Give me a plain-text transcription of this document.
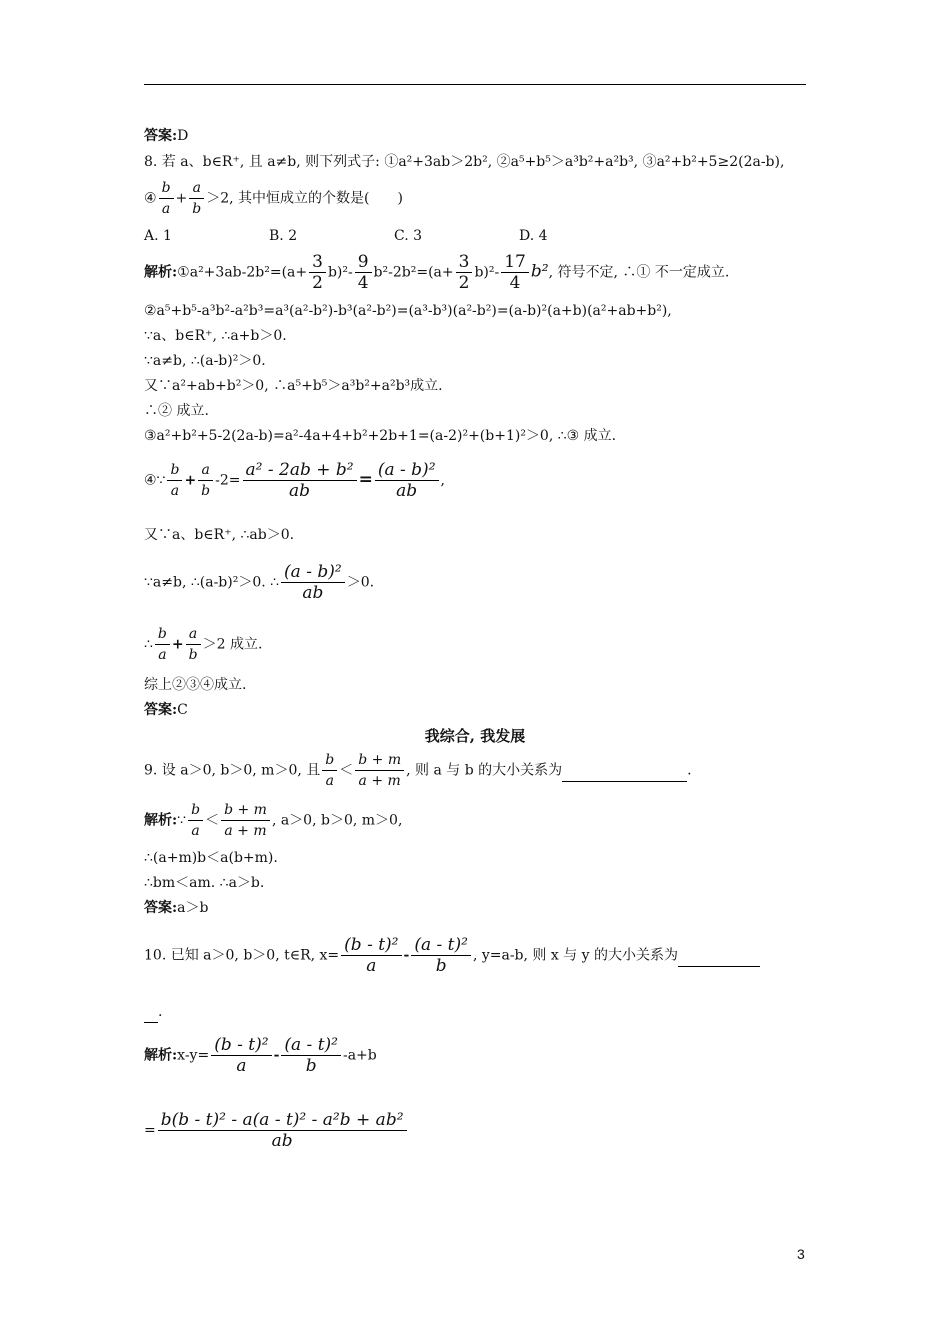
答案:D
8. 若 a、b∈R⁺, 且 a≠b, 则下列式子: ①a²+3ab＞2b², ②a⁵+b⁵＞a³b²+a²b³, ③a²+b²+5≥2(2a-b),
④ $\frac{b}{a} + \frac{a}{b} >2$, 其中恒成立的个数是(　　)
A. 1	B. 2	C. 3	D. 4
解析:①a²+3ab-2b²=(a+ $\frac{3}{2} b)^2- \frac{9}{4} b^2-2b^2=(a+ \frac{3}{2} b)^2- \frac{17}{4} b^2$, 符号不定, ∴① 不一定成立.
②a⁵+b⁵-a³b²-a²b³=a³(a²-b²)-b³(a²-b²)=(a³-b³)(a²-b²)=(a-b)²(a+b)(a²+ab+b²),
∵a、b∈R⁺, ∴a+b＞0.
∵a≠b, ∴(a-b)²＞0.
又∵a²+ab+b²＞0, ∴a⁵+b⁵＞a³b²+a²b³成立.
∴② 成立.
③a²+b²+5-2(2a-b)=a²-4a+4+b²+2b+1=(a-2)²+(b+1)²＞0, ∴③ 成立.
④∵ $\frac{b}{a} + \frac{a}{b} -2= \frac{\text{a² - 2ab + b²}}{ab} = \frac{\text{(a - b)²}}{ab}$ ,
又∵a、b∈R⁺, ∴ab＞0.
∵a≠b, ∴(a-b)²＞0. ∴ $\frac{\text{(a - b)²}}{ab} >0$.
∴ $\frac{b}{a} + \frac{a}{b} >2$ 成立.
综上②③④成立.
答案:C
我综合, 我发展
9. 设 a＞0, b＞0, m＞0, 且 $\frac{b}{a} < \frac{b + m}{a + m}$ , 则 a 与 b 的大小关系为	.
解析:∵ $\frac{b}{a} < \frac{b + m}{a + m}$ , a＞0, b＞0, m＞0,
∴(a+m)b＜a(b+m).
∴bm＜am. ∴a＞b.
答案:a＞b
10. 已知 a＞0, b＞0, t∈R, $x= \frac{\text{(b - t)²}}{a} - \frac{\text{(a - t)²}}{b}$ , y=a-b, 则 x 与 y 的大小关系为
.
解析:x-y= $\frac{\text{(b - t)²}}{a} - \frac{\text{(a - t)²}}{b} -a+b$
= $\frac{\text{b(b - t)² - a(a - t)² - a²b + ab²}}{ab}$
3
